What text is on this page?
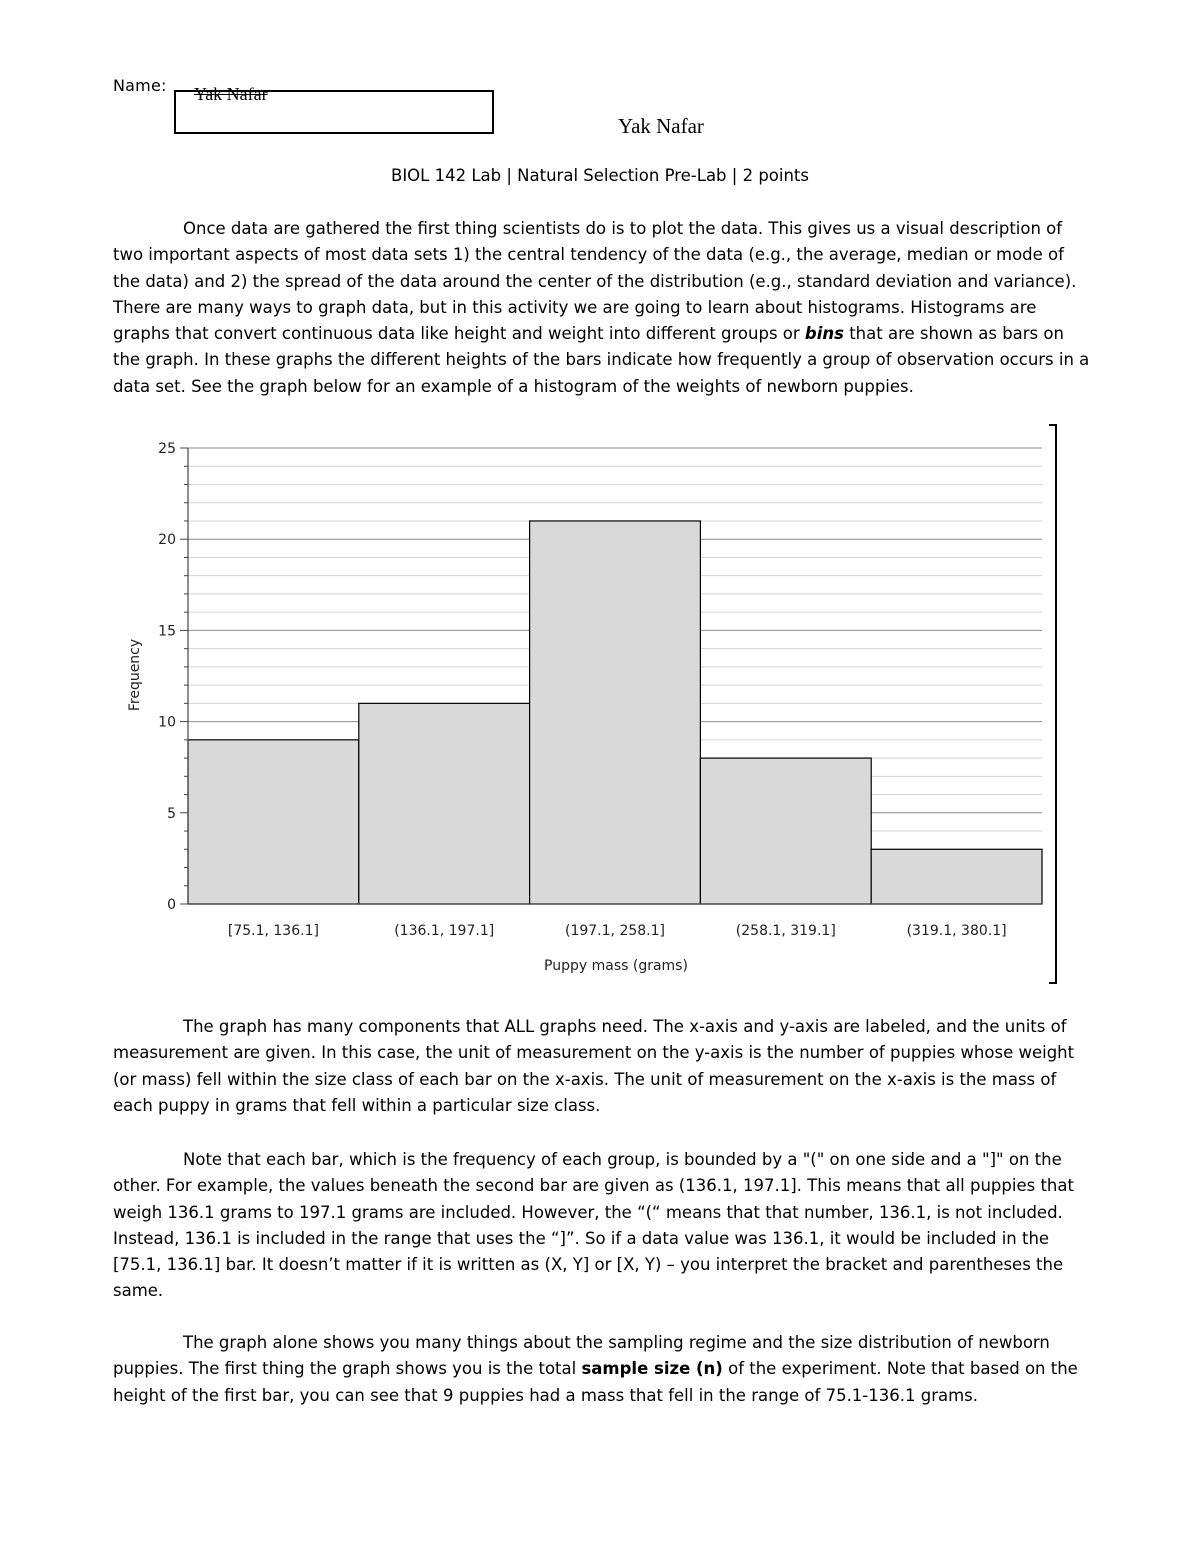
Name: Yak Nafar
Yak Nafar
BIOL 142 Lab | Natural Selection Pre-Lab | 2 points
Once data are gathered the first thing scientists do is to plot the data. This gives us a visual description of two important aspects of most data sets 1) the central tendency of the data (e.g., the average, median or mode of the data) and 2) the spread of the data around the center of the distribution (e.g., standard deviation and variance). There are many ways to graph data, but in this activity we are going to learn about histograms. Histograms are graphs that convert continuous data like height and weight into different groups or bins that are shown as bars on the graph. In these graphs the different heights of the bars indicate how frequently a group of observation occurs in a data set. See the graph below for an example of a histogram of the weights of newborn puppies.
0
5
10
15
20
25
[75.1, 136.1]	(136.1, 197.1]	(197.1, 258.1]	(258.1, 319.1]	(319.1, 380.1]
Frequency
Puppy mass (grams)
The graph has many components that ALL graphs need. The x-axis and y-axis are labeled, and the units of measurement are given. In this case, the unit of measurement on the y-axis is the number of puppies whose weight (or mass) fell within the size class of each bar on the x-axis. The unit of measurement on the x-axis is the mass of each puppy in grams that fell within a particular size class.
Note that each bar, which is the frequency of each group, is bounded by a "(" on one side and a "]" on the other. For example, the values beneath the second bar are given as (136.1, 197.1]. This means that all puppies that weigh 136.1 grams to 197.1 grams are included. However, the “(“ means that that number, 136.1, is not included. Instead, 136.1 is included in the range that uses the “]”. So if a data value was 136.1, it would be included in the [75.1, 136.1] bar. It doesn’t matter if it is written as (X, Y] or [X, Y) – you interpret the bracket and parentheses the same.
The graph alone shows you many things about the sampling regime and the size distribution of newborn puppies. The first thing the graph shows you is the total sample size (n) of the experiment. Note that based on the height of the first bar, you can see that 9 puppies had a mass that fell in the range of 75.1-136.1 grams.
